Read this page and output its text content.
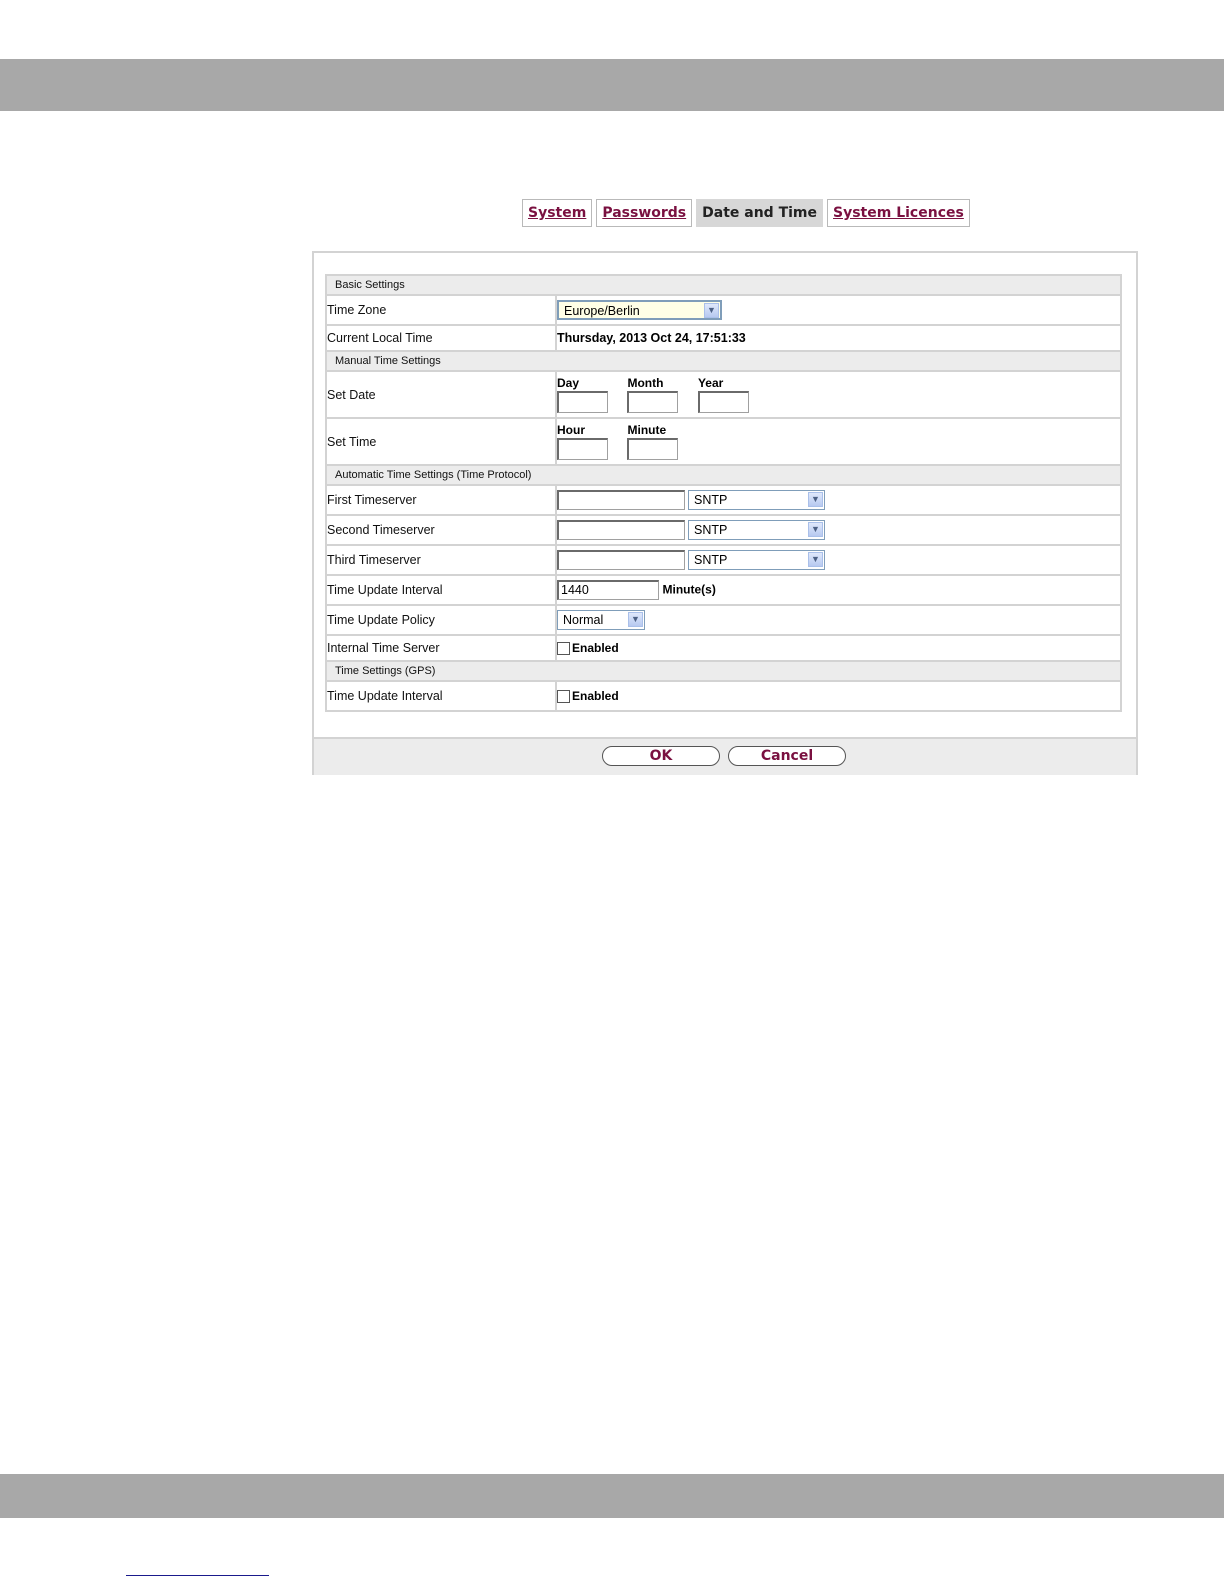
System Passwords Date and Time System Licences
Basic Settings	
Time Zone	Europe/Berlin ▼

Current Local Time	Thursday, 2013 Oct 24, 17:51:33
Manual Time Settings	
Set Date	Day
Month
Year

Set Time	Hour
Minute

Automatic Time Settings (Time Protocol)	
First Timeserver	SNTP ▼

Second Timeserver	SNTP ▼

Third Timeserver	SNTP ▼

Time Update Interval	1440 Minute(s)
Time Update Policy	Normal ▼

Internal Time Server	Enabled
Time Settings (GPS)	
Time Update Interval	Enabled
OK	Cancel
